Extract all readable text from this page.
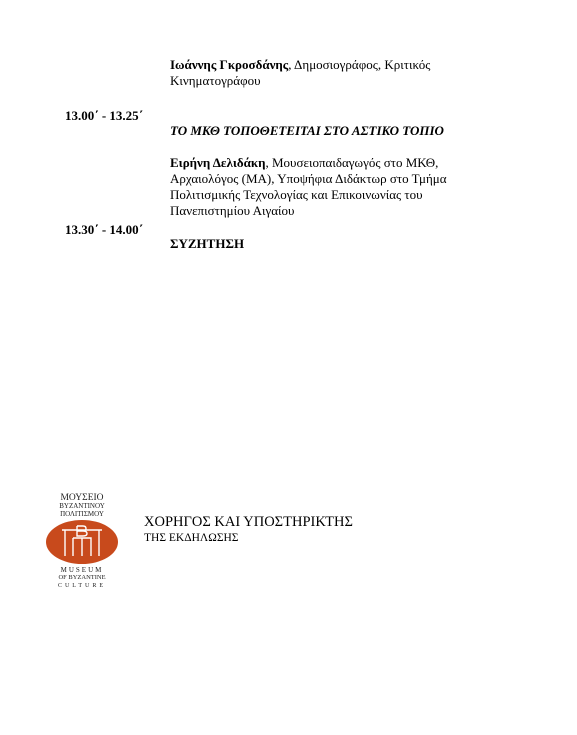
Ιωάννης Γκροσδάνης, Δημοσιογράφος, Κριτικός
Κινηματογράφου
13.00΄ - 13.25΄
ΤΟ ΜΚΘ ΤΟΠΟΘΕΤΕΙΤΑΙ ΣΤΟ ΑΣΤΙΚΟ ΤΟΠΙΟ
Ειρήνη Δελιδάκη, Μουσειοπαιδαγωγός στο ΜΚΘ,
Αρχαιολόγος (ΜΑ), Υποψήφια Διδάκτωρ στο Τμήμα
Πολιτισμικής Τεχνολογίας και Επικοινωνίας του
Πανεπιστημίου Αιγαίου
13.30΄ - 14.00΄
ΣΥΖΗΤΗΣΗ
ΜΟΥΣΕΙΟ
ΒΥΖΑΝΤΙΝΟΥ
ΠΟΛΙΤΙΣΜΟΥ
MUSEUM
OF BYZANTINE
CULTURE
ΧΟΡΗΓΟΣ ΚΑΙ ΥΠΟΣΤΗΡΙΚΤΗΣ
ΤΗΣ ΕΚΔΗΛΩΣΗΣ
